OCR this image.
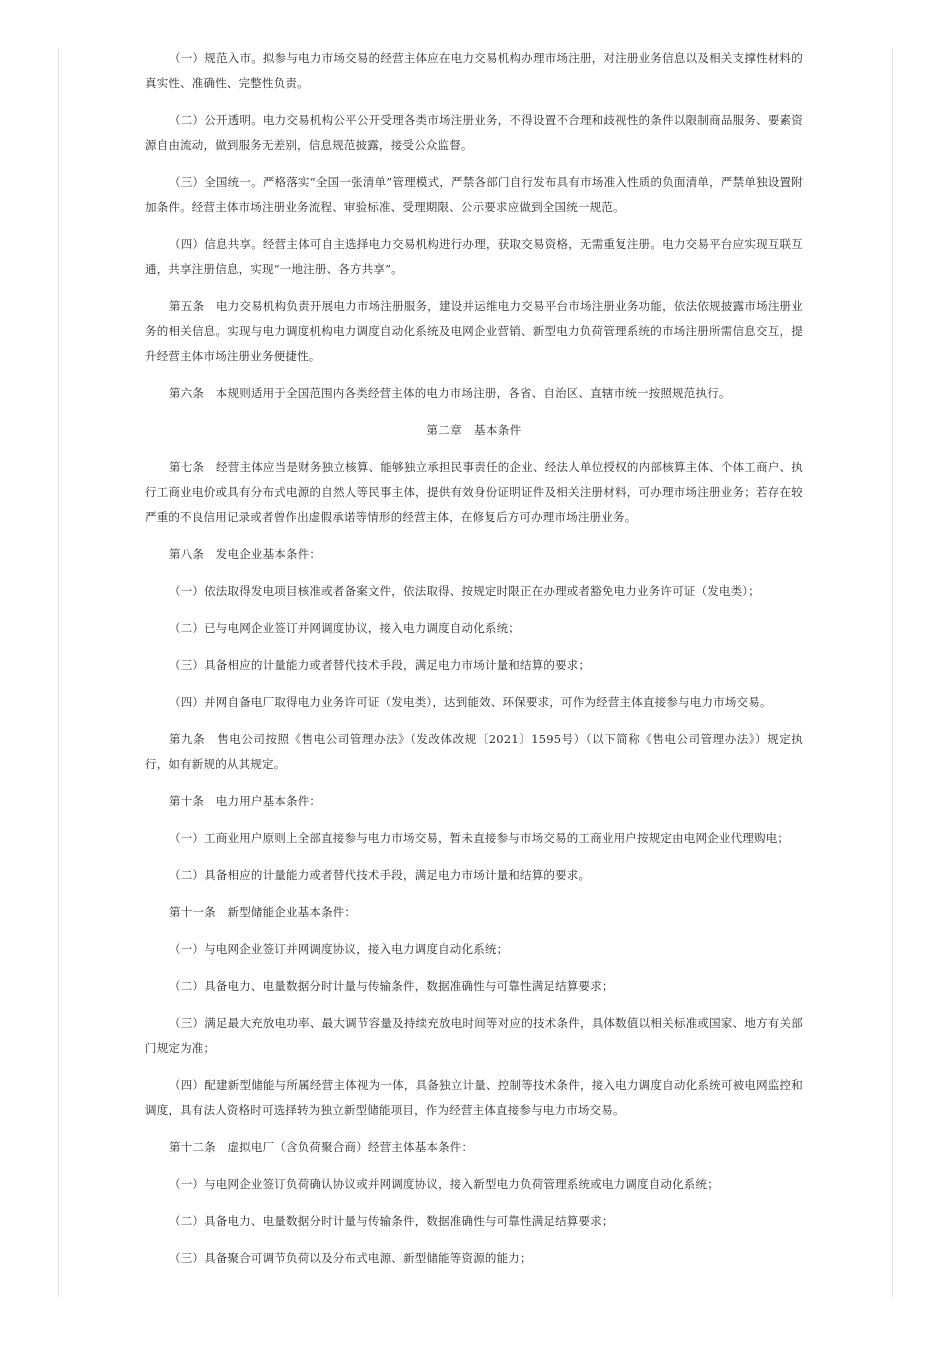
（一）规范入市。拟参与电力市场交易的经营主体应在电力交易机构办理市场注册，对注册业务信息以及相关支撑性材料的真实性、准确性、完整性负责。

（二）公开透明。电力交易机构公平公开受理各类市场注册业务，不得设置不合理和歧视性的条件以限制商品服务、要素资源自由流动，做到服务无差别，信息规范披露，接受公众监督。

（三）全国统一。严格落实“全国一张清单”管理模式，严禁各部门自行发布具有市场准入性质的负面清单，严禁单独设置附加条件。经营主体市场注册业务流程、审验标准、受理期限、公示要求应做到全国统一规范。

（四）信息共享。经营主体可自主选择电力交易机构进行办理，获取交易资格，无需重复注册。电力交易平台应实现互联互通，共享注册信息，实现“一地注册、各方共享”。

第五条　电力交易机构负责开展电力市场注册服务，建设并运维电力交易平台市场注册业务功能，依法依规披露市场注册业务的相关信息。实现与电力调度机构电力调度自动化系统及电网企业营销、新型电力负荷管理系统的市场注册所需信息交互，提升经营主体市场注册业务便捷性。

第六条　本规则适用于全国范围内各类经营主体的电力市场注册，各省、自治区、直辖市统一按照规范执行。

第二章　基本条件

第七条　经营主体应当是财务独立核算、能够独立承担民事责任的企业、经法人单位授权的内部核算主体、个体工商户、执行工商业电价或具有分布式电源的自然人等民事主体，提供有效身份证明证件及相关注册材料，可办理市场注册业务；若存在较严重的不良信用记录或者曾作出虚假承诺等情形的经营主体，在修复后方可办理市场注册业务。

第八条　发电企业基本条件：

（一）依法取得发电项目核准或者备案文件，依法取得、按规定时限正在办理或者豁免电力业务许可证（发电类）；

（二）已与电网企业签订并网调度协议，接入电力调度自动化系统；

（三）具备相应的计量能力或者替代技术手段，满足电力市场计量和结算的要求；

（四）并网自备电厂取得电力业务许可证（发电类），达到能效、环保要求，可作为经营主体直接参与电力市场交易。

第九条　售电公司按照《售电公司管理办法》（发改体改规〔2021〕1595号）（以下简称《售电公司管理办法》）规定执行，如有新规的从其规定。

第十条　电力用户基本条件：

（一）工商业用户原则上全部直接参与电力市场交易，暂未直接参与市场交易的工商业用户按规定由电网企业代理购电；

（二）具备相应的计量能力或者替代技术手段，满足电力市场计量和结算的要求。

第十一条　新型储能企业基本条件：

（一）与电网企业签订并网调度协议，接入电力调度自动化系统；

（二）具备电力、电量数据分时计量与传输条件，数据准确性与可靠性满足结算要求；

（三）满足最大充放电功率、最大调节容量及持续充放电时间等对应的技术条件，具体数值以相关标准或国家、地方有关部门规定为准；

（四）配建新型储能与所属经营主体视为一体，具备独立计量、控制等技术条件，接入电力调度自动化系统可被电网监控和调度，具有法人资格时可选择转为独立新型储能项目，作为经营主体直接参与电力市场交易。

第十二条　虚拟电厂（含负荷聚合商）经营主体基本条件：

（一）与电网企业签订负荷确认协议或并网调度协议，接入新型电力负荷管理系统或电力调度自动化系统；

（二）具备电力、电量数据分时计量与传输条件，数据准确性与可靠性满足结算要求；

（三）具备聚合可调节负荷以及分布式电源、新型储能等资源的能力；
